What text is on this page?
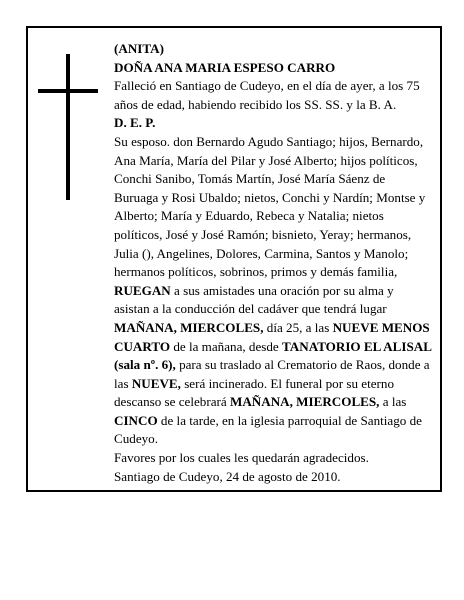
(ANITA)

DOÑA ANA MARIA ESPESO CARRO

Falleció en Santiago de Cudeyo, en el día de ayer, a los 75 años de edad, habiendo recibido los SS. SS. y la B. A.

D. E. P.

Su esposo. don Bernardo Agudo Santiago; hijos, Bernardo, Ana María, María del Pilar y José Alberto; hijos políticos, Conchi Sanibo, Tomás Martín, José María Sáenz de Buruaga y Rosi Ubaldo; nietos, Conchi y Nardín; Montse y Alberto; María y Eduardo, Rebeca y Natalia; nietos políticos, José y José Ramón; bisnieto, Yeray; hermanos, Julia (), Angelines, Dolores, Carmina, Santos y Manolo; hermanos políticos, sobrinos, primos y demás familia,

RUEGAN a sus amistades una oración por su alma y asistan a la conducción del cadáver que tendrá lugar MAÑANA, MIERCOLES, día 25, a las NUEVE MENOS CUARTO de la mañana, desde TANATORIO EL ALISAL (sala nº. 6), para su traslado al Crematorio de Raos, donde a las NUEVE, será incinerado. El funeral por su eterno descanso se celebrará MAÑANA, MIERCOLES, a las CINCO de la tarde, en la iglesia parroquial de Santiago de Cudeyo.

Favores por los cuales les quedarán agradecidos.

Santiago de Cudeyo, 24 de agosto de 2010.
